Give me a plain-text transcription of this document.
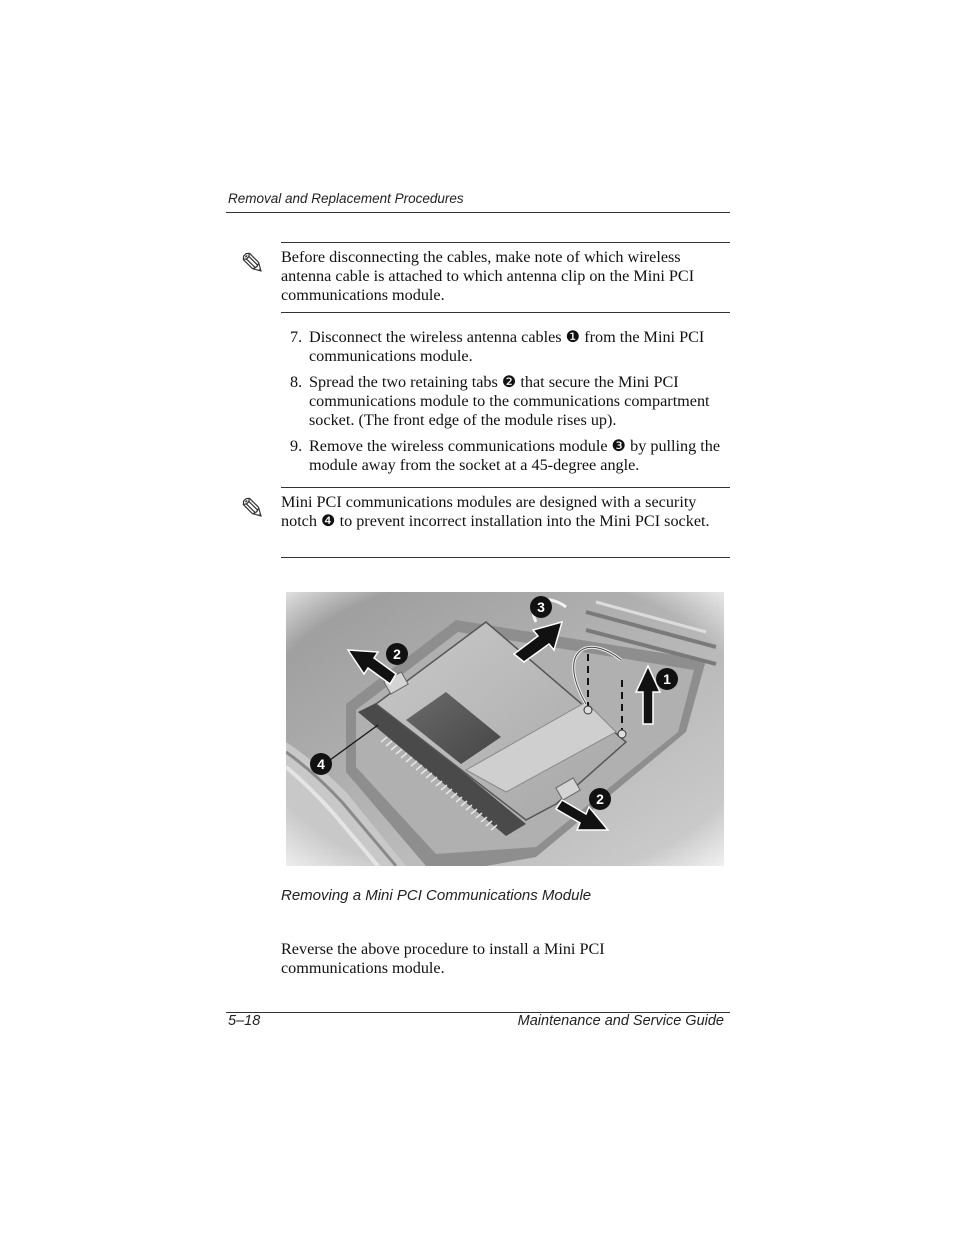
Removal and Replacement Procedures
✎ Before disconnecting the cables, make note of which wireless antenna cable is attached to which antenna clip on the Mini PCI communications module.
7. Disconnect the wireless antenna cables ❶ from the Mini PCI communications module.
8. Spread the two retaining tabs ❷ that secure the Mini PCI communications module to the communications compartment socket. (The front edge of the module rises up).
9. Remove the wireless communications module ❸ by pulling the module away from the socket at a 45-degree angle.
✎ Mini PCI communications modules are designed with a security notch ❹ to prevent incorrect installation into the Mini PCI socket.
1
2
2
3
4
Removing a Mini PCI Communications Module
Reverse the above procedure to install a Mini PCI communications module.
5–18	Maintenance and Service Guide
